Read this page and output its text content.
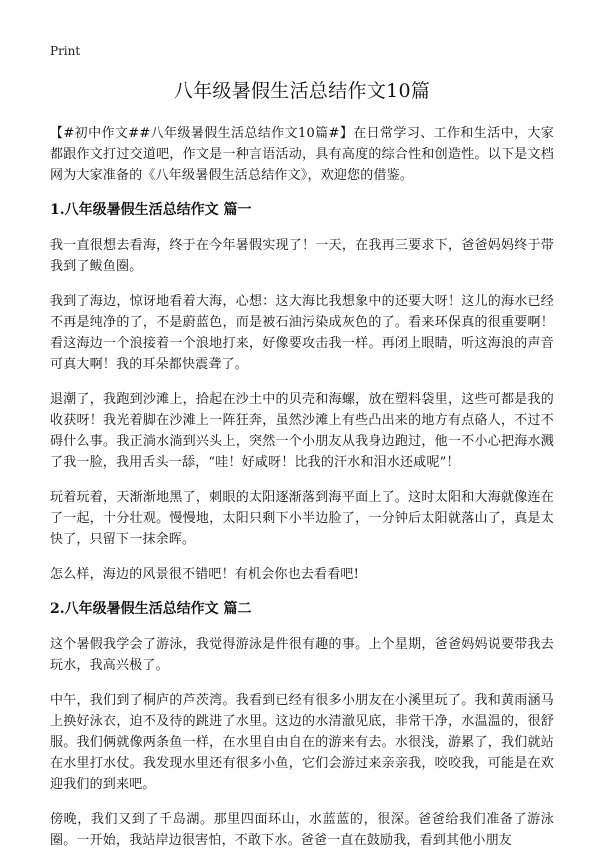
Print
八年级暑假生活总结作文10篇

【#初中作文##八年级暑假生活总结作文10篇#】在日常学习、工作和生活中，大家都跟作文打过交道吧，作文是一种言语活动，具有高度的综合性和创造性。以下是文档网为大家准备的《八年级暑假生活总结作文》，欢迎您的借鉴。

1.八年级暑假生活总结作文 篇一

我一直很想去看海，终于在今年暑假实现了！一天，在我再三要求下，爸爸妈妈终于带我到了鲅鱼圈。

我到了海边，惊讶地看着大海，心想：这大海比我想象中的还要大呀！这儿的海水已经不再是纯净的了，不是蔚蓝色，而是被石油污染成灰色的了。看来环保真的很重要啊！看这海边一个浪接着一个浪地打来，好像要攻击我一样。再闭上眼睛，听这海浪的声音可真大啊！我的耳朵都快震聋了。

退潮了，我跑到沙滩上，拾起在沙土中的贝壳和海螺，放在塑料袋里，这些可都是我的收获呀！我光着脚在沙滩上一阵狂奔，虽然沙滩上有些凸出来的地方有点硌人，不过不碍什么事。我正淌水淌到兴头上，突然一个小朋友从我身边跑过，他一不小心把海水溅了我一脸，我用舌头一舔，“哇！好咸呀！比我的汗水和泪水还咸呢”！

玩着玩着，天渐渐地黑了，刺眼的太阳逐渐落到海平面上了。这时太阳和大海就像连在了一起，十分壮观。慢慢地，太阳只剩下小半边脸了，一分钟后太阳就落山了，真是太快了，只留下一抹余晖。

怎么样，海边的风景很不错吧！有机会你也去看看吧!

2.八年级暑假生活总结作文 篇二

这个暑假我学会了游泳，我觉得游泳是件很有趣的事。上个星期，爸爸妈妈说要带我去玩水，我高兴极了。

中午，我们到了桐庐的芦茨湾。我看到已经有很多小朋友在小溪里玩了。我和黄雨涵马上换好泳衣，迫不及待的跳进了水里。这边的水清澈见底，非常干净，水温温的，很舒服。我们俩就像两条鱼一样，在水里自由自在的游来有去。水很浅，游累了，我们就站在水里打水仗。我发现水里还有很多小鱼，它们会游过来亲亲我，咬咬我，可能是在欢迎我们的到来吧。

傍晚，我们又到了千岛湖。那里四面环山，水蓝蓝的，很深。爸爸给我们准备了游泳圈。一开始，我站岸边很害怕，不敢下水。爸爸一直在鼓励我，看到其他小朋友
